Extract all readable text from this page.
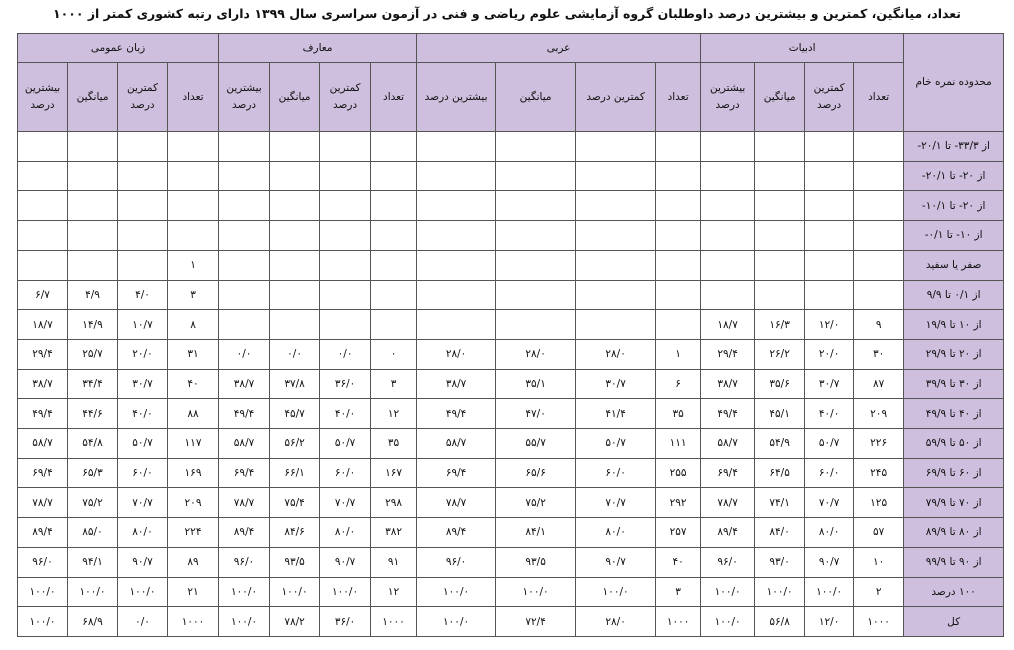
تعداد، میانگین، کمترین و بیشترین درصد داوطلبان گروه آزمایشی علوم ریاضی و فنی در آزمون سراسری سال ۱۳۹۹ دارای رتبه کشوری کمتر از ۱۰۰۰
محدوده نمره خام	ادبیات				عربی				معارف				زبان عمومی			
	تعداد	کمترین درصد	میانگین	بیشترین درصد	تعداد	کمترین درصد	میانگین	بیشترین درصد	تعداد	کمترین درصد	میانگین	بیشترین درصد	تعداد	کمترین درصد	میانگین	بیشترین درصد
از ۳۳/۳- تا ۲۰/۱-																
از ۲۰- تا ۲۰/۱-																
از ۲۰- تا ۱۰/۱-																
از ۱۰- تا ۰/۱-																
صفر یا سفید													۱			
از ۰/۱ تا ۹/۹													۳	۴/۰	۴/۹	۶/۷
از ۱۰ تا ۱۹/۹	۹	۱۲/۰	۱۶/۳	۱۸/۷									۸	۱۰/۷	۱۴/۹	۱۸/۷
از ۲۰ تا ۲۹/۹	۳۰	۲۰/۰	۲۶/۲	۲۹/۴	۱	۲۸/۰	۲۸/۰	۲۸/۰	۰	۰/۰	۰/۰	۰/۰	۳۱	۲۰/۰	۲۵/۷	۲۹/۴
از ۳۰ تا ۳۹/۹	۸۷	۳۰/۷	۳۵/۶	۳۸/۷	۶	۳۰/۷	۳۵/۱	۳۸/۷	۳	۳۶/۰	۳۷/۸	۳۸/۷	۴۰	۳۰/۷	۳۴/۴	۳۸/۷
از ۴۰ تا ۴۹/۹	۲۰۹	۴۰/۰	۴۵/۱	۴۹/۴	۳۵	۴۱/۴	۴۷/۰	۴۹/۴	۱۲	۴۰/۰	۴۵/۷	۴۹/۴	۸۸	۴۰/۰	۴۴/۶	۴۹/۴
از ۵۰ تا ۵۹/۹	۲۲۶	۵۰/۷	۵۴/۹	۵۸/۷	۱۱۱	۵۰/۷	۵۵/۷	۵۸/۷	۳۵	۵۰/۷	۵۶/۲	۵۸/۷	۱۱۷	۵۰/۷	۵۴/۸	۵۸/۷
از ۶۰ تا ۶۹/۹	۲۴۵	۶۰/۰	۶۴/۵	۶۹/۴	۲۵۵	۶۰/۰	۶۵/۶	۶۹/۴	۱۶۷	۶۰/۰	۶۶/۱	۶۹/۴	۱۶۹	۶۰/۰	۶۵/۳	۶۹/۴
از ۷۰ تا ۷۹/۹	۱۲۵	۷۰/۷	۷۴/۱	۷۸/۷	۲۹۲	۷۰/۷	۷۵/۲	۷۸/۷	۲۹۸	۷۰/۷	۷۵/۴	۷۸/۷	۲۰۹	۷۰/۷	۷۵/۲	۷۸/۷
از ۸۰ تا ۸۹/۹	۵۷	۸۰/۰	۸۴/۰	۸۹/۴	۲۵۷	۸۰/۰	۸۴/۱	۸۹/۴	۳۸۲	۸۰/۰	۸۴/۶	۸۹/۴	۲۲۴	۸۰/۰	۸۵/۰	۸۹/۴
از ۹۰ تا ۹۹/۹	۱۰	۹۰/۷	۹۳/۰	۹۶/۰	۴۰	۹۰/۷	۹۳/۵	۹۶/۰	۹۱	۹۰/۷	۹۳/۵	۹۶/۰	۸۹	۹۰/۷	۹۴/۱	۹۶/۰
۱۰۰ درصد	۲	۱۰۰/۰	۱۰۰/۰	۱۰۰/۰	۳	۱۰۰/۰	۱۰۰/۰	۱۰۰/۰	۱۲	۱۰۰/۰	۱۰۰/۰	۱۰۰/۰	۲۱	۱۰۰/۰	۱۰۰/۰	۱۰۰/۰
کل	۱۰۰۰	۱۲/۰	۵۶/۸	۱۰۰/۰	۱۰۰۰	۲۸/۰	۷۲/۴	۱۰۰/۰	۱۰۰۰	۳۶/۰	۷۸/۲	۱۰۰/۰	۱۰۰۰	۰/۰	۶۸/۹	۱۰۰/۰
